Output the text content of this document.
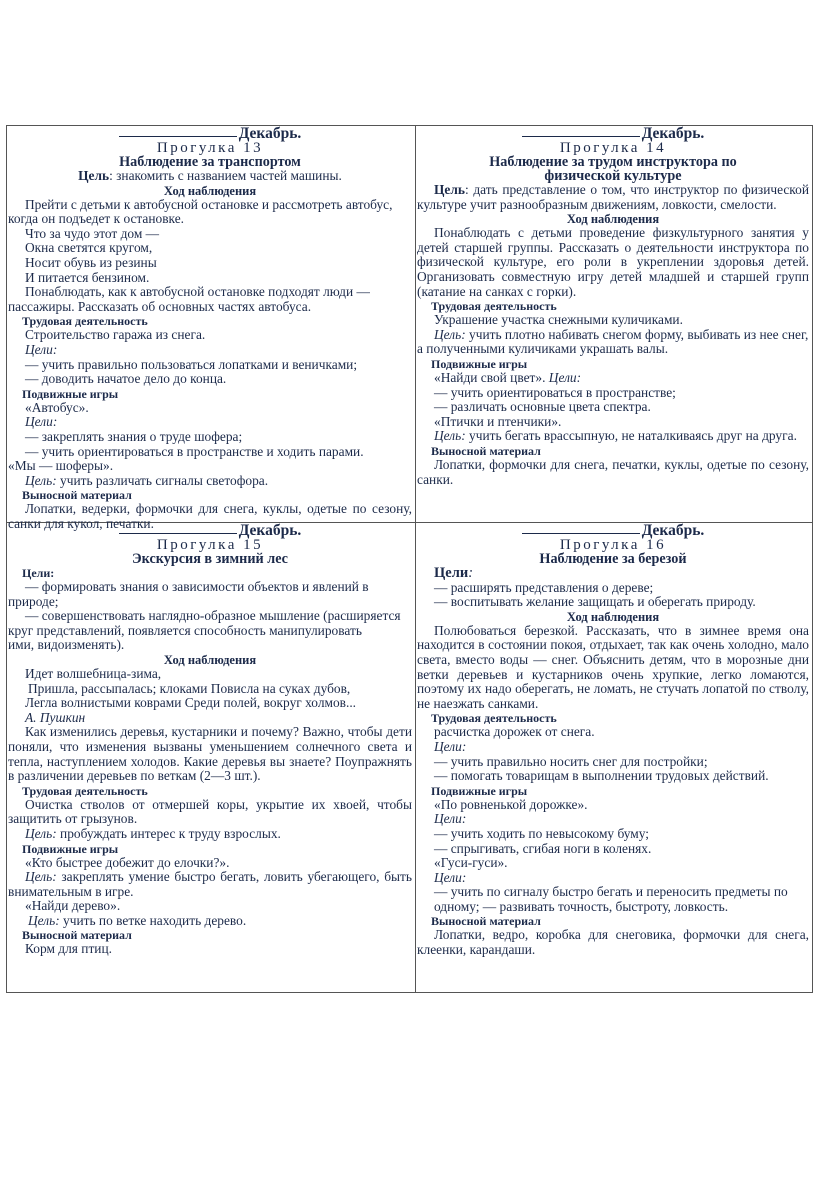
Декабрь.
Прогулка 13
Наблюдение за транспортом

Цель: знакомить с названием частей машины.

Ход наблюдения

Прейти с детьми к автобусной остановке и рассмотреть автобус, когда он подъедет к остановке.

Что за чудо этот дом —

Окна светятся кругом,

Носит обувь из резины

И питается бензином.

Понаблюдать, как к автобусной остановке подходят люди — пассажиры. Рассказать об основных частях автобуса.

Трудовая деятельность

Строительство гаража из снега.

Цели:

— учить правильно пользоваться лопатками и веничками;

— доводить начатое дело до конца.

Подвижные игры

«Автобус».

Цели:

— закреплять знания о труде шофера;

— учить ориентироваться в пространстве и ходить парами.

«Мы — шоферы».

Цель: учить различать сигналы светофора.

Выносной материал

Лопатки, ведерки, формочки для снега, куклы, одетые по сезону, санки для кукол, печатки.

Декабрь.
Прогулка 14
Наблюдение за трудом инструктора по физической культуре

Цель: дать представление о том, что инструктор по физической культуре учит разнообразным движениям, ловкости, смелости.

Ход наблюдения

Понаблюдать с детьми проведение физкультурного занятия у детей старшей группы. Рассказать о деятельности инструктора по физической культуре, его роли в укреплении здоровья детей. Организовать совместную игру детей младшей и старшей групп (катание на санках с горки).

Трудовая деятельность

Украшение участка снежными куличиками.

Цель: учить плотно набивать снегом форму, выбивать из нее снег, а полученными куличиками украшать валы.

Подвижные игры

«Найди свой цвет». Цели:

— учить ориентироваться в пространстве;

— различать основные цвета спектра.

«Птички и птенчики».

Цель: учить бегать врассыпную, не наталкиваясь друг на друга.

Выносной материал

Лопатки, формочки для снега, печатки, куклы, одетые по сезону, санки.

Декабрь.
Прогулка 15
Экскурсия в зимний лес
Цели:

— формировать знания о зависимости объектов и явлений в природе;

— совершенствовать наглядно-образное мышление (расширяется

круг представлений, появляется способность манипулировать

ими, видоизменять).

Ход наблюдения

Идет волшебница-зима,

Пришла, рассыпалась; клоками Повисла на суках дубов,

Легла волнистыми коврами Среди полей, вокруг холмов...

А. Пушкин

Как изменились деревья, кустарники и почему? Важно, чтобы дети поняли, что изменения вызваны уменьшением солнечного света и тепла, наступлением холодов. Какие деревья вы знаете? Поупражнять в различении деревьев по веткам (2—3 шт.).

Трудовая деятельность

Очистка стволов от отмершей коры, укрытие их хвоей, чтобы защитить от грызунов.

Цель: пробуждать интерес к труду взрослых.

Подвижные игры

«Кто быстрее добежит до елочки?».

Цель: закреплять умение быстро бегать, ловить убегающего, быть внимательным в игре.

«Найди дерево».

Цель: учить по ветке находить дерево.

Выносной материал

Корм для птиц.

Декабрь.
Прогулка 16
Наблюдение за березой

Цели:

— расширять представления о дереве;

— воспитывать желание защищать и оберегать природу.

Ход наблюдения

Полюбоваться березкой. Рассказать, что в зимнее время она находится в состоянии покоя, отдыхает, так как очень холодно, мало света, вместо воды — снег. Объяснить детям, что в морозные дни ветки деревьев и кустарников очень хрупкие, легко ломаются, поэтому их надо оберегать, не ломать, не стучать лопатой по стволу, не наезжать санками.

Трудовая деятельность

расчистка дорожек от снега.

Цели:

— учить правильно носить снег для постройки;

— помогать товарищам в выполнении трудовых действий.

Подвижные игры

«По ровненькой дорожке».

Цели:

— учить ходить по невысокому буму;

— спрыгивать, сгибая ноги в коленях.

«Гуси-гуси».

Цели:

— учить по сигналу быстро бегать и переносить предметы по

одному; — развивать точность, быстроту, ловкость.

Выносной материал

Лопатки, ведро, коробка для снеговика, формочки для снега, клеенки, карандаши.
